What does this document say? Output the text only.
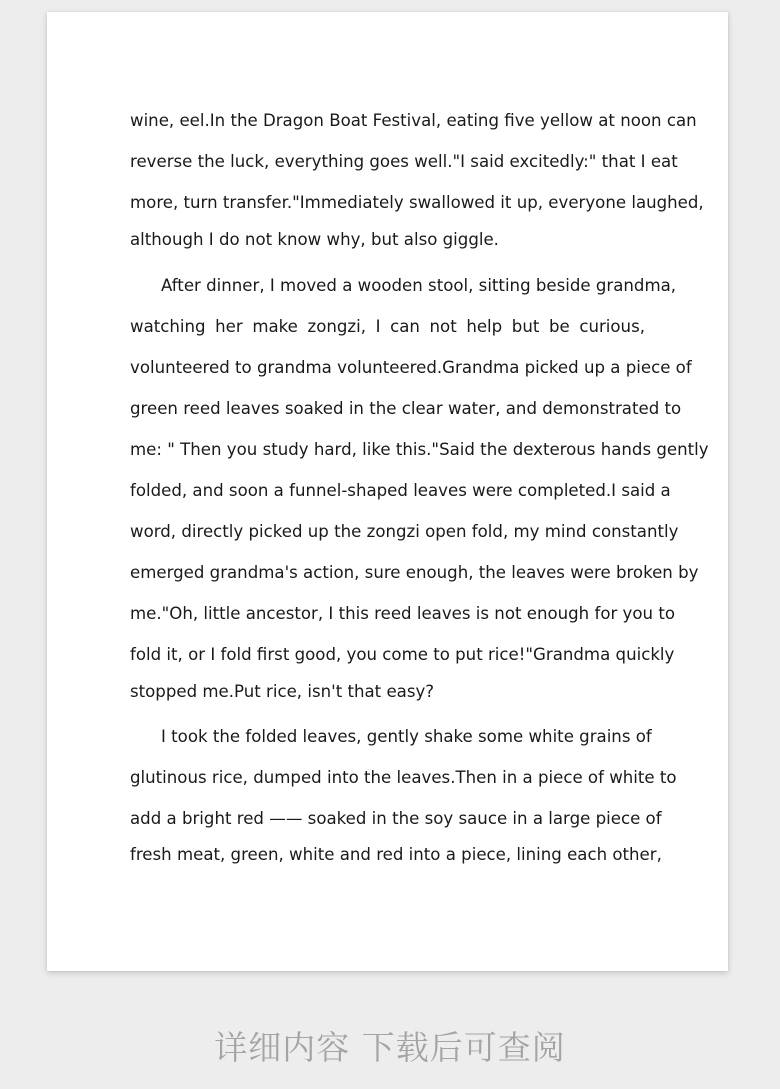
wine, eel.In the Dragon Boat Festival, eating five yellow at noon can
reverse the luck, everything goes well."I said excitedly:" that I eat
more, turn transfer."Immediately swallowed it up, everyone laughed,
although I do not know why, but also giggle.
After dinner, I moved a wooden stool, sitting beside grandma,
watching her make zongzi, I can not help but be curious,
volunteered to grandma volunteered.Grandma picked up a piece of
green reed leaves soaked in the clear water, and demonstrated to
me: " Then you study hard, like this."Said the dexterous hands gently
folded, and soon a funnel-shaped leaves were completed.I said a
word, directly picked up the zongzi open fold, my mind constantly
emerged grandma's action, sure enough, the leaves were broken by
me."Oh, little ancestor, I this reed leaves is not enough for you to
fold it, or I fold first good, you come to put rice!"Grandma quickly
stopped me.Put rice, isn't that easy?
I took the folded leaves, gently shake some white grains of
glutinous rice, dumped into the leaves.Then in a piece of white to
add a bright red —— soaked in the soy sauce in a large piece of
fresh meat, green, white and red into a piece, lining each other,
详细内容 下载后可查阅
